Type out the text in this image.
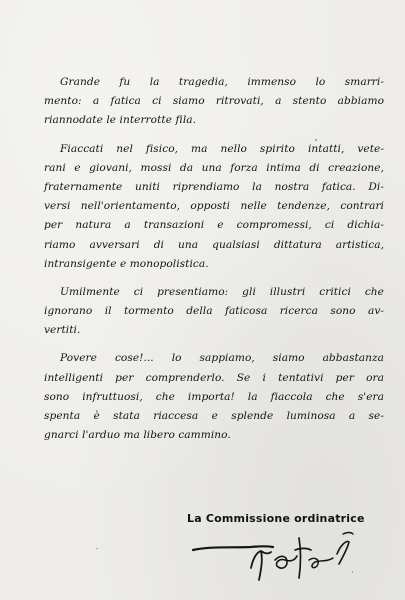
Grande fu la tragedia, immenso lo smarri-
mento: a fatica ci siamo ritrovati, a stento abbiamo
riannodate le interrotte fila.
Fiaccati nel fisico, ma nello spirito intatti, vete-
rani e giovani, mossi da una forza intima di creazione,
fraternamente uniti riprendiamo la nostra fatica. Di-
versi nell'orientamento, opposti nelle tendenze, contrari
per natura a transazioni e compromessi, ci dichia-
riamo avversari di una qualsiasi dittatura artistica,
intransigente e monopolistica.
Umilmente ci presentiamo: gli illustri critici che
ignorano il tormento della faticosa ricerca sono av-
vertiti.
Povere cose!... lo sappiamo, siamo abbastanza
intelligenti per comprenderlo. Se i tentativi per ora
sono infruttuosi, che importa! la fiaccola che s'era
spenta è stata riaccesa e splende luminosa a se-
gnarci l'arduo ma libero cammino.
La Commissione ordinatrice
